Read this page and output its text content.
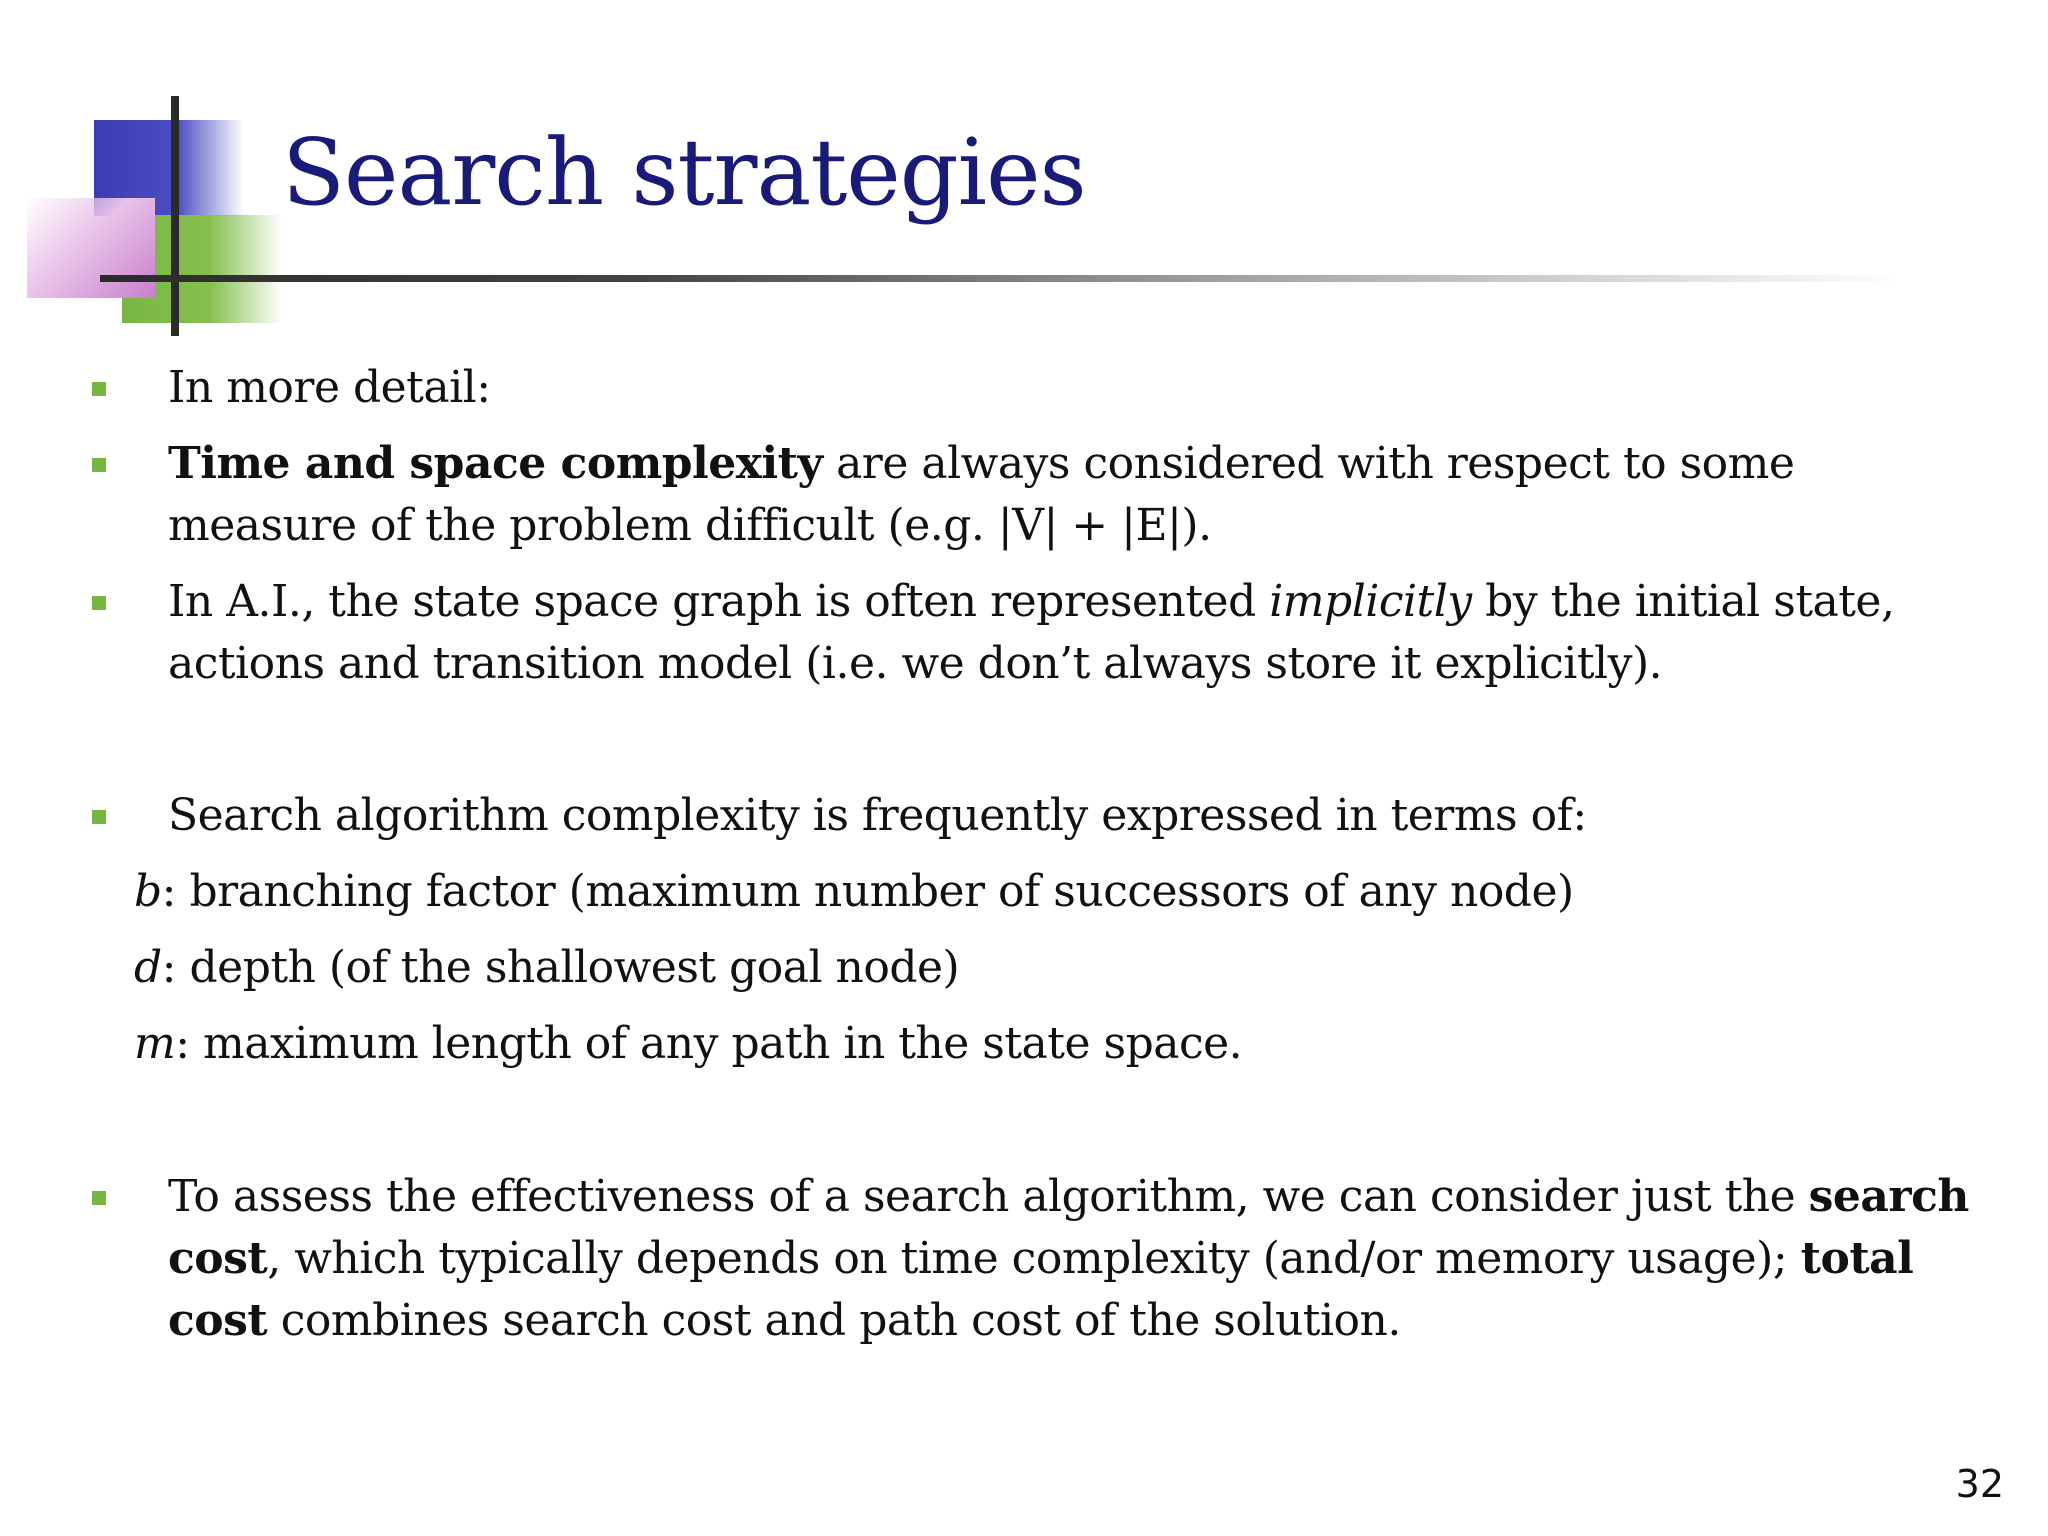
Search strategies

In more detail:

Time and space complexity are always considered with respect to some
measure of the problem difficult (e.g. |V| + |E|).

In A.I., the state space graph is often represented implicitly by the initial state,
actions and transition model (i.e. we don’t always store it explicitly).

Search algorithm complexity is frequently expressed in terms of:

b: branching factor (maximum number of successors of any node)

d: depth (of the shallowest goal node)

m: maximum length of any path in the state space.

To assess the effectiveness of a search algorithm, we can consider just the search
cost, which typically depends on time complexity (and/or memory usage); total
cost combines search cost and path cost of the solution.

32
